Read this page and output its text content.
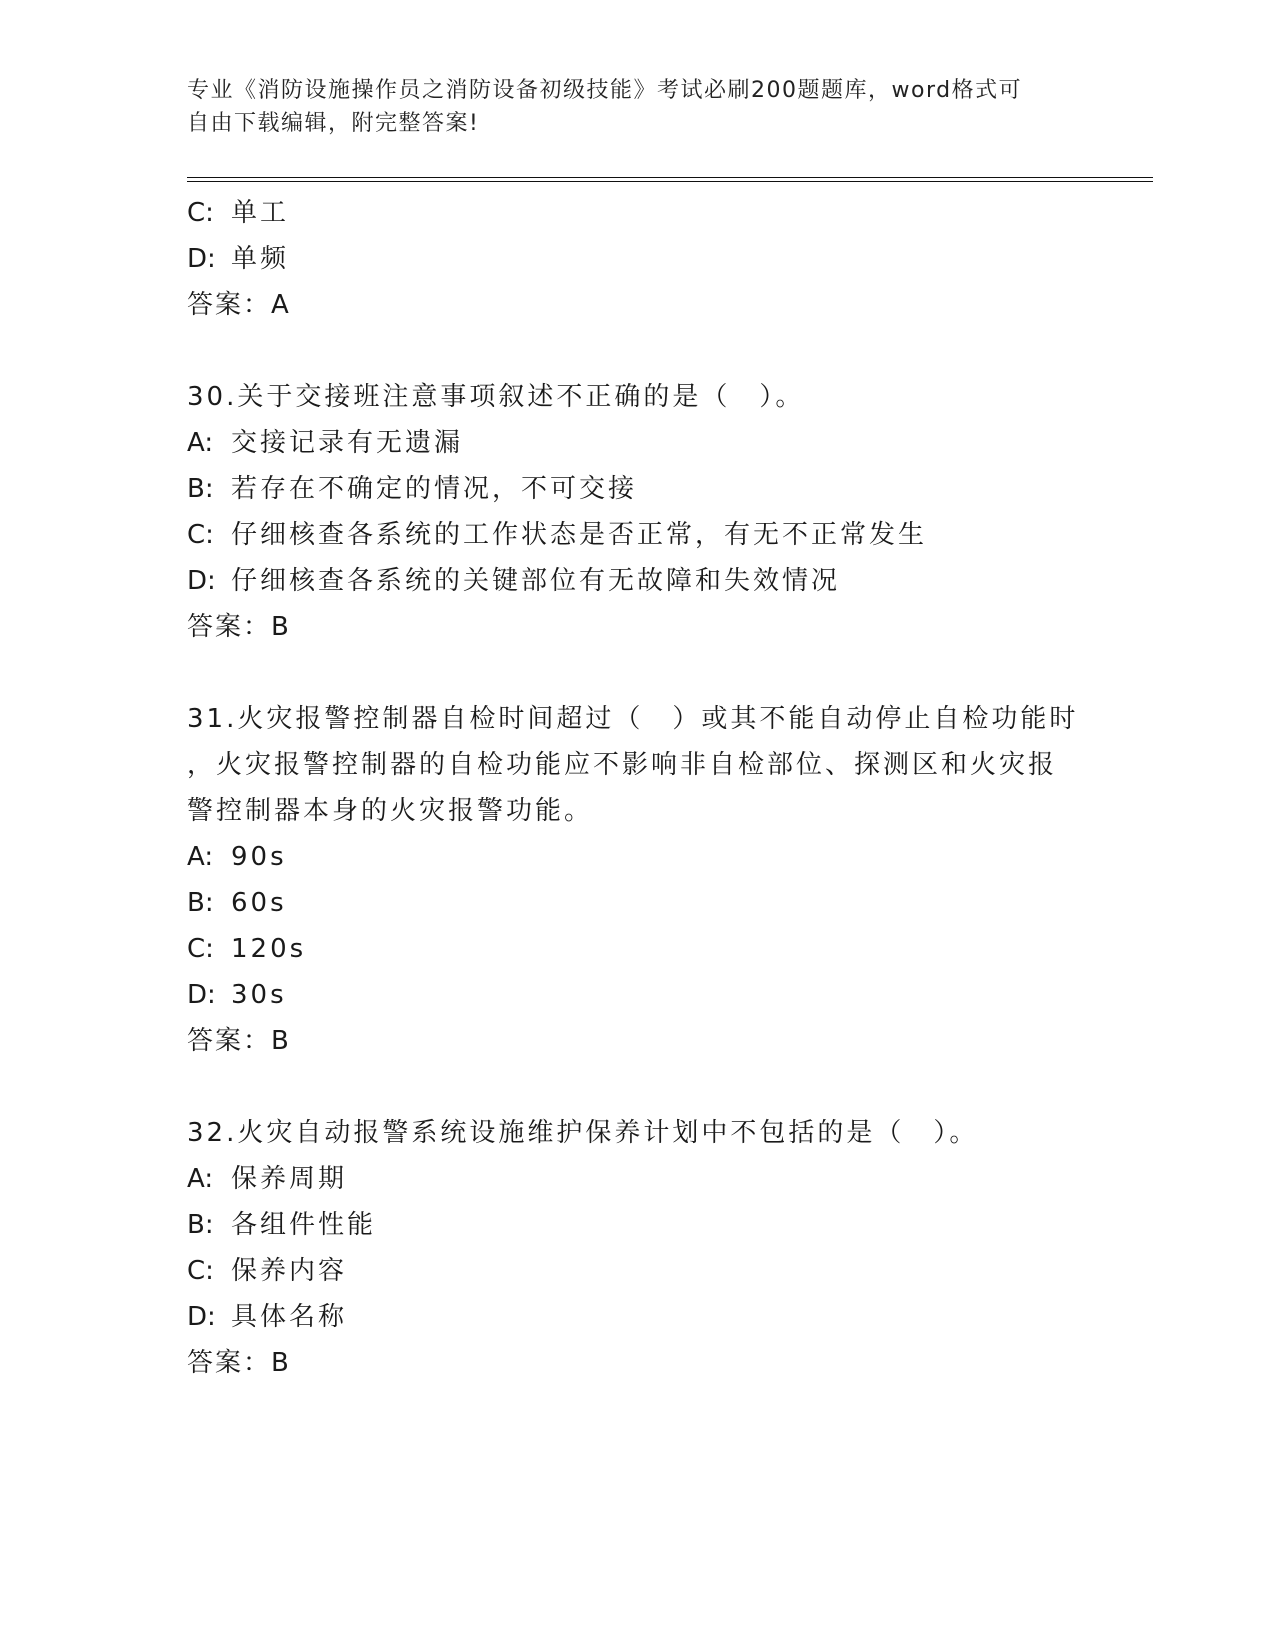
专业《消防设施操作员之消防设备初级技能》考试必刷200题题库，word格式可
自由下载编辑，附完整答案!
C: 单工
D: 单频
答案：A
30.关于交接班注意事项叙述不正确的是（　）。
A: 交接记录有无遗漏
B: 若存在不确定的情况，不可交接
C: 仔细核查各系统的工作状态是否正常，有无不正常发生
D: 仔细核查各系统的关键部位有无故障和失效情况
答案：B
31.火灾报警控制器自检时间超过（　）或其不能自动停止自检功能时
，火灾报警控制器的自检功能应不影响非自检部位、探测区和火灾报
警控制器本身的火灾报警功能。
A: 90s
B: 60s
C: 120s
D: 30s
答案：B
32.火灾自动报警系统设施维护保养计划中不包括的是（　）。
A: 保养周期
B: 各组件性能
C: 保养内容
D: 具体名称
答案：B
